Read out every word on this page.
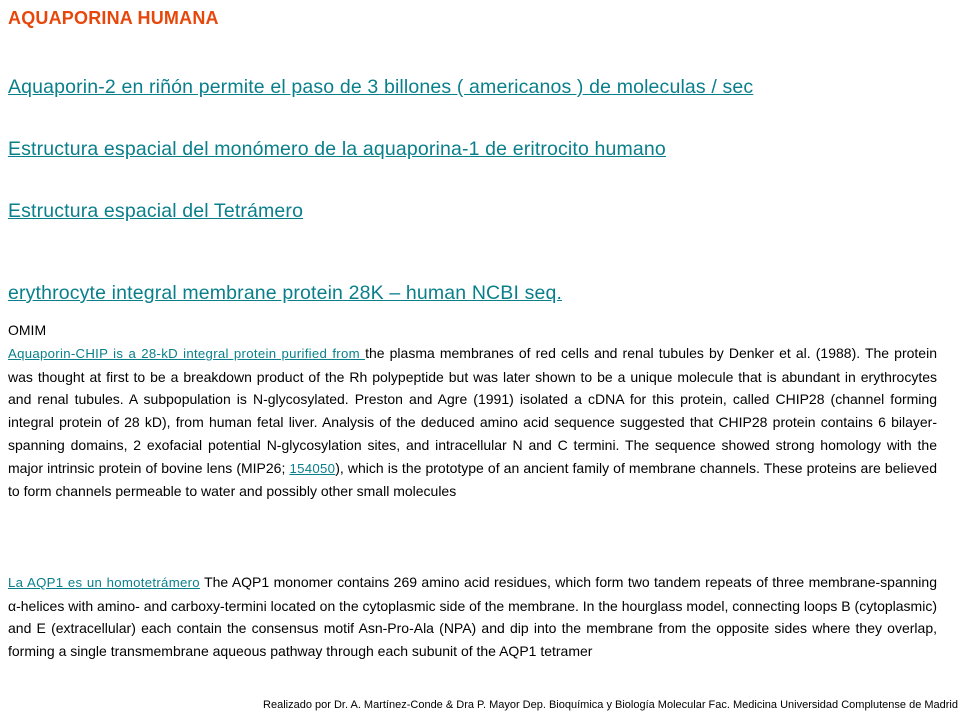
AQUAPORINA HUMANA
Aquaporin-2 en riñón permite el paso de 3 billones ( americanos ) de moleculas / sec
Estructura espacial del monómero de la aquaporina-1 de eritrocito humano
Estructura espacial del Tetrámero
erythrocyte integral membrane protein 28K – human NCBI seq.
OMIM

Aquaporin-CHIP is a 28-kD integral protein purified from the plasma membranes of red cells and renal tubules by Denker et al. (1988). The protein was thought at first to be a breakdown product of the Rh polypeptide but was later shown to be a unique molecule that is abundant in erythrocytes and renal tubules. A subpopulation is N-glycosylated. Preston and Agre (1991) isolated a cDNA for this protein, called CHIP28 (channel forming integral protein of 28 kD), from human fetal liver. Analysis of the deduced amino acid sequence suggested that CHIP28 protein contains 6 bilayer-spanning domains, 2 exofacial potential N-glycosylation sites, and intracellular N and C termini. The sequence showed strong homology with the major intrinsic protein of bovine lens (MIP26; 154050), which is the prototype of an ancient family of membrane channels. These proteins are believed to form channels permeable to water and possibly other small molecules

La AQP1 es un homotetrámero The AQP1 monomer contains 269 amino acid residues, which form two tandem repeats of three membrane-spanning α-helices with amino- and carboxy-termini located on the cytoplasmic side of the membrane. In the hourglass model, connecting loops B (cytoplasmic) and E (extracellular) each contain the consensus motif Asn-Pro-Ala (NPA) and dip into the membrane from the opposite sides where they overlap, forming a single transmembrane aqueous pathway through each subunit of the AQP1 tetramer

Realizado por Dr. A. Martínez-Conde & Dra P. Mayor Dep. Bioquímica y Biología Molecular Fac. Medicina Universidad Complutense de Madrid
